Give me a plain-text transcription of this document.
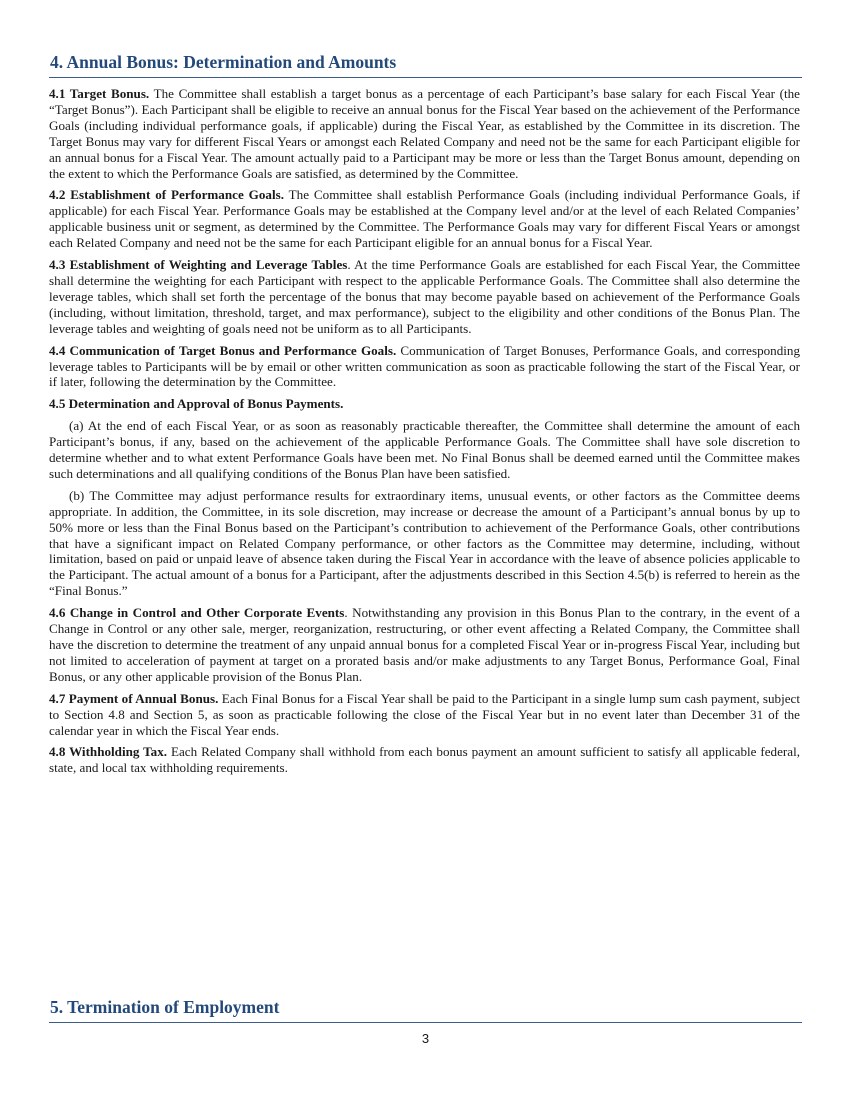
4. Annual Bonus: Determination and Amounts

4.1 Target Bonus. The Committee shall establish a target bonus as a percentage of each Participant’s base salary for each Fiscal Year (the “Target Bonus”). Each Participant shall be eligible to receive an annual bonus for the Fiscal Year based on the achievement of the Performance Goals (including individual performance goals, if applicable) during the Fiscal Year, as established by the Committee in its discretion. The Target Bonus may vary for different Fiscal Years or amongst each Related Company and need not be the same for each Participant eligible for an annual bonus for a Fiscal Year. The amount actually paid to a Participant may be more or less than the Target Bonus amount, depending on the extent to which the Performance Goals are satisfied, as determined by the Committee.

4.2 Establishment of Performance Goals. The Committee shall establish Performance Goals (including individual Performance Goals, if applicable) for each Fiscal Year. Performance Goals may be established at the Company level and/or at the level of each Related Companies’ applicable business unit or segment, as determined by the Committee. The Performance Goals may vary for different Fiscal Years or amongst each Related Company and need not be the same for each Participant eligible for an annual bonus for a Fiscal Year.

4.3 Establishment of Weighting and Leverage Tables. At the time Performance Goals are established for each Fiscal Year, the Committee shall determine the weighting for each Participant with respect to the applicable Performance Goals. The Committee shall also determine the leverage tables, which shall set forth the percentage of the bonus that may become payable based on achievement of the Performance Goals (including, without limitation, threshold, target, and max performance), subject to the eligibility and other conditions of the Bonus Plan. The leverage tables and weighting of goals need not be uniform as to all Participants.

4.4 Communication of Target Bonus and Performance Goals. Communication of Target Bonuses, Performance Goals, and corresponding leverage tables to Participants will be by email or other written communication as soon as practicable following the start of the Fiscal Year, or if later, following the determination by the Committee.

4.5 Determination and Approval of Bonus Payments.

(a) At the end of each Fiscal Year, or as soon as reasonably practicable thereafter, the Committee shall determine the amount of each Participant’s bonus, if any, based on the achievement of the applicable Performance Goals. The Committee shall have sole discretion to determine whether and to what extent Performance Goals have been met. No Final Bonus shall be deemed earned until the Committee makes such determinations and all qualifying conditions of the Bonus Plan have been satisfied.

(b) The Committee may adjust performance results for extraordinary items, unusual events, or other factors as the Committee deems appropriate. In addition, the Committee, in its sole discretion, may increase or decrease the amount of a Participant’s annual bonus by up to 50% more or less than the Final Bonus based on the Participant’s contribution to achievement of the Performance Goals, other contributions that have a significant impact on Related Company performance, or other factors as the Committee may determine, including, without limitation, based on paid or unpaid leave of absence taken during the Fiscal Year in accordance with the leave of absence policies applicable to the Participant. The actual amount of a bonus for a Participant, after the adjustments described in this Section 4.5(b) is referred to herein as the “Final Bonus.”

4.6 Change in Control and Other Corporate Events. Notwithstanding any provision in this Bonus Plan to the contrary, in the event of a Change in Control or any other sale, merger, reorganization, restructuring, or other event affecting a Related Company, the Committee shall have the discretion to determine the treatment of any unpaid annual bonus for a completed Fiscal Year or in-progress Fiscal Year, including but not limited to acceleration of payment at target on a prorated basis and/or make adjustments to any Target Bonus, Performance Goal, Final Bonus, or any other applicable provision of the Bonus Plan.

4.7 Payment of Annual Bonus. Each Final Bonus for a Fiscal Year shall be paid to the Participant in a single lump sum cash payment, subject to Section 4.8 and Section 5, as soon as practicable following the close of the Fiscal Year but in no event later than December 31 of the calendar year in which the Fiscal Year ends.

4.8 Withholding Tax. Each Related Company shall withhold from each bonus payment an amount sufficient to satisfy all applicable federal, state, and local tax withholding requirements.

5. Termination of Employment
3
